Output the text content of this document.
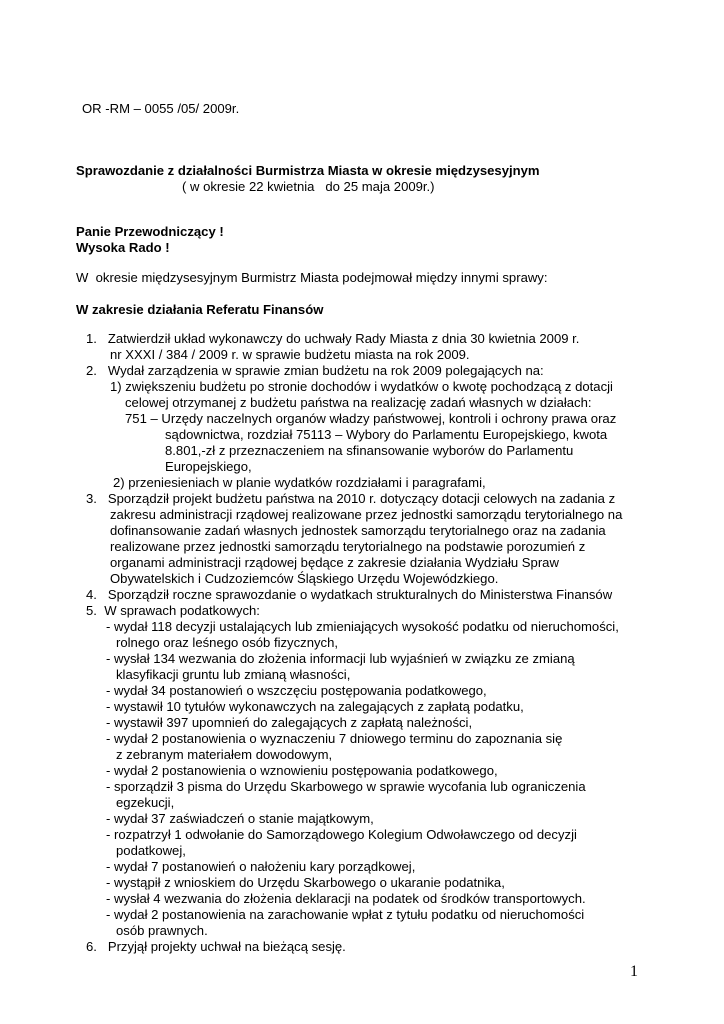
OR -RM – 0055 /05/ 2009r.
Sprawozdanie z działalności Burmistrza Miasta w okresie międzysesyjnym
( w okresie 22 kwietnia   do 25 maja 2009r.)
Panie Przewodniczący !
Wysoka Rado !
W  okresie międzysesyjnym Burmistrz Miasta podejmował między innymi sprawy:
W zakresie działania Referatu Finansów
1.   Zatwierdził układ wykonawczy do uchwały Rady Miasta z dnia 30 kwietnia 2009 r.
nr XXXI / 384 / 2009 r. w sprawie budżetu miasta na rok 2009.
2.   Wydał zarządzenia w sprawie zmian budżetu na rok 2009 polegających na:
1) zwiększeniu budżetu po stronie dochodów i wydatków o kwotę pochodzącą z dotacji
celowej otrzymanej z budżetu państwa na realizację zadań własnych w działach:
751 – Urzędy naczelnych organów władzy państwowej, kontroli i ochrony prawa oraz
sądownictwa, rozdział 75113 – Wybory do Parlamentu Europejskiego, kwota
8.801,-zł z przeznaczeniem na sfinansowanie wyborów do Parlamentu
Europejskiego,
2) przeniesieniach w planie wydatków rozdziałami i paragrafami,
3.   Sporządził projekt budżetu państwa na 2010 r. dotyczący dotacji celowych na zadania z
zakresu administracji rządowej realizowane przez jednostki samorządu terytorialnego na
dofinansowanie zadań własnych jednostek samorządu terytorialnego oraz na zadania
realizowane przez jednostki samorządu terytorialnego na podstawie porozumień z
organami administracji rządowej będące z zakresie działania Wydziału Spraw
Obywatelskich i Cudzoziemców Śląskiego Urzędu Wojewódzkiego.
4.   Sporządził roczne sprawozdanie o wydatkach strukturalnych do Ministerstwa Finansów
5.  W sprawach podatkowych:
- wydał 118 decyzji ustalających lub zmieniających wysokość podatku od nieruchomości,
rolnego oraz leśnego osób fizycznych,
- wysłał 134 wezwania do złożenia informacji lub wyjaśnień w związku ze zmianą
klasyfikacji gruntu lub zmianą własności,
- wydał 34 postanowień o wszczęciu postępowania podatkowego,
- wystawił 10 tytułów wykonawczych na zalegających z zapłatą podatku,
- wystawił 397 upomnień do zalegających z zapłatą należności,
- wydał 2 postanowienia o wyznaczeniu 7 dniowego terminu do zapoznania się
z zebranym materiałem dowodowym,
- wydał 2 postanowienia o wznowieniu postępowania podatkowego,
- sporządził 3 pisma do Urzędu Skarbowego w sprawie wycofania lub ograniczenia
egzekucji,
- wydał 37 zaświadczeń o stanie majątkowym,
- rozpatrzył 1 odwołanie do Samorządowego Kolegium Odwoławczego od decyzji
podatkowej,
- wydał 7 postanowień o nałożeniu kary porządkowej,
- wystąpił z wnioskiem do Urzędu Skarbowego o ukaranie podatnika,
- wysłał 4 wezwania do złożenia deklaracji na podatek od środków transportowych.
- wydał 2 postanowienia na zarachowanie wpłat z tytułu podatku od nieruchomości
osób prawnych.
6.   Przyjął projekty uchwał na bieżącą sesję.
1
